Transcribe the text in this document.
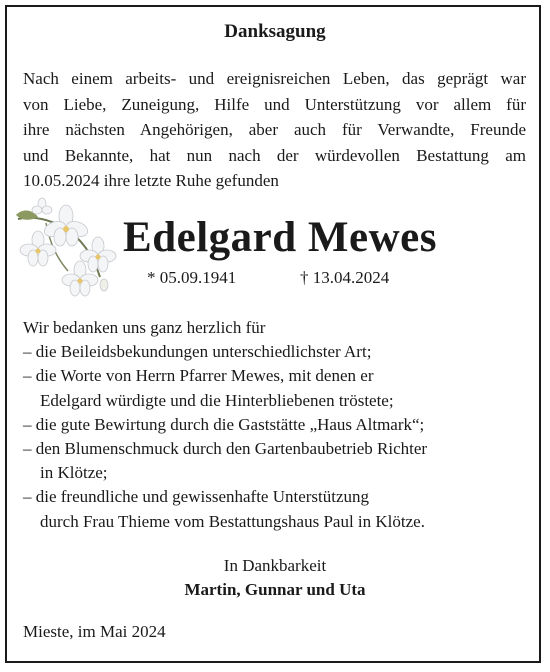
Danksagung
Nach einem arbeits- und ereignisreichen Leben, das geprägt war
von Liebe, Zuneigung, Hilfe und Unterstützung vor allem für
ihre nächsten Angehörigen, aber auch für Verwandte, Freunde
und Bekannte, hat nun nach der würdevollen Bestattung am
10.05.2024 ihre letzte Ruhe gefunden
Edelgard Mewes
* 05.09.1941	† 13.04.2024
Wir bedanken uns ganz herzlich für
– die Beileidsbekundungen unterschiedlichster Art;
– die Worte von Herrn Pfarrer Mewes, mit denen er
Edelgard würdigte und die Hinterbliebenen tröstete;
– die gute Bewirtung durch die Gaststätte „Haus Altmark“;
– den Blumenschmuck durch den Gartenbaubetrieb Richter
in Klötze;
– die freundliche und gewissenhafte Unterstützung
durch Frau Thieme vom Bestattungshaus Paul in Klötze.
In Dankbarkeit
Martin, Gunnar und Uta
Mieste, im Mai 2024
